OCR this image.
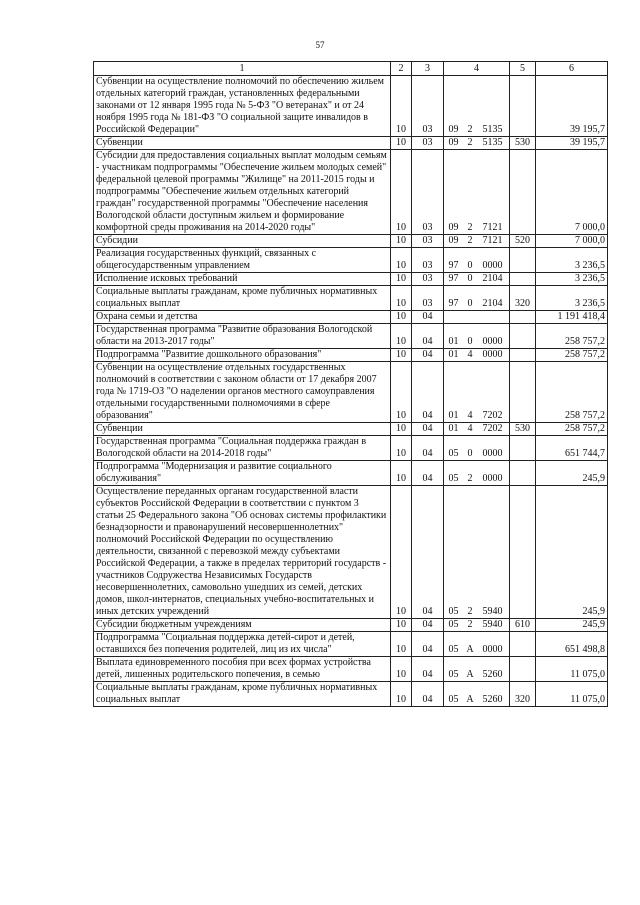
57
1	2	3	4	5	6
Субвенции на осуществление полномочий по обеспечению жильем отдельных категорий граждан, установленных федеральными законами от 12 января 1995 года № 5-ФЗ "О ветеранах" и от 24 ноября 1995 года № 181-ФЗ "О социальной защите инвалидов в Российской Федерации"	10	03	09 2 5135		39 195,7
Субвенции	10	03	09 2 5135	530	39 195,7
Субсидии для предоставления социальных выплат молодым семьям - участникам подпрограммы "Обеспечение жильем молодых семей" федеральной целевой программы "Жилище" на 2011-2015 годы и подпрограммы "Обеспечение жильем отдельных категорий граждан" государственной программы "Обеспечение населения Вологодской области доступным жильем и формирование комфортной среды проживания на 2014-2020 годы"	10	03	09 2 7121		7 000,0
Субсидии	10	03	09 2 7121	520	7 000,0
Реализация государственных функций, связанных с общегосударственным управлением	10	03	97 0 0000		3 236,5
Исполнение исковых требований	10	03	97 0 2104		3 236,5
Социальные выплаты гражданам, кроме публичных нормативных социальных выплат	10	03	97 0 2104	320	3 236,5
Охрана семьи и детства	10	04			1 191 418,4
Государственная программа "Развитие образования Вологодской области на 2013-2017 годы"	10	04	01 0 0000		258 757,2
Подпрограмма "Развитие дошкольного образования"	10	04	01 4 0000		258 757,2
Субвенции на осуществление отдельных государственных полномочий в соответствии с законом области от 17 декабря 2007 года № 1719-ОЗ "О наделении органов местного самоуправления отдельными государственными полномочиями в сфере образования"	10	04	01 4 7202		258 757,2
Субвенции	10	04	01 4 7202	530	258 757,2
Государственная программа "Социальная поддержка граждан в Вологодской области на 2014-2018 годы"	10	04	05 0 0000		651 744,7
Подпрограмма "Модернизация и развитие социального обслуживания"	10	04	05 2 0000		245,9
Осуществление переданных органам государственной власти субъектов Российской Федерации в соответствии с пунктом 3 статьи 25 Федерального закона "Об основах системы профилактики безнадзорности и правонарушений несовершеннолетних" полномочий Российской Федерации по осуществлению деятельности, связанной с перевозкой между субъектами Российской Федерации, а также в пределах территорий государств - участников Содружества Независимых Государств несовершеннолетних, самовольно ушедших из семей, детских домов, школ-интернатов, специальных учебно-воспитательных и иных детских учреждений	10	04	05 2 5940		245,9
Субсидии бюджетным учреждениям	10	04	05 2 5940	610	245,9
Подпрограмма "Социальная поддержка детей-сирот и детей, оставшихся без попечения родителей, лиц из их числа"	10	04	05 А 0000		651 498,8
Выплата единовременного пособия при всех формах устройства детей, лишенных родительского попечения, в семью	10	04	05 А 5260		11 075,0
Социальные выплаты гражданам, кроме публичных нормативных социальных выплат	10	04	05 А 5260	320	11 075,0
